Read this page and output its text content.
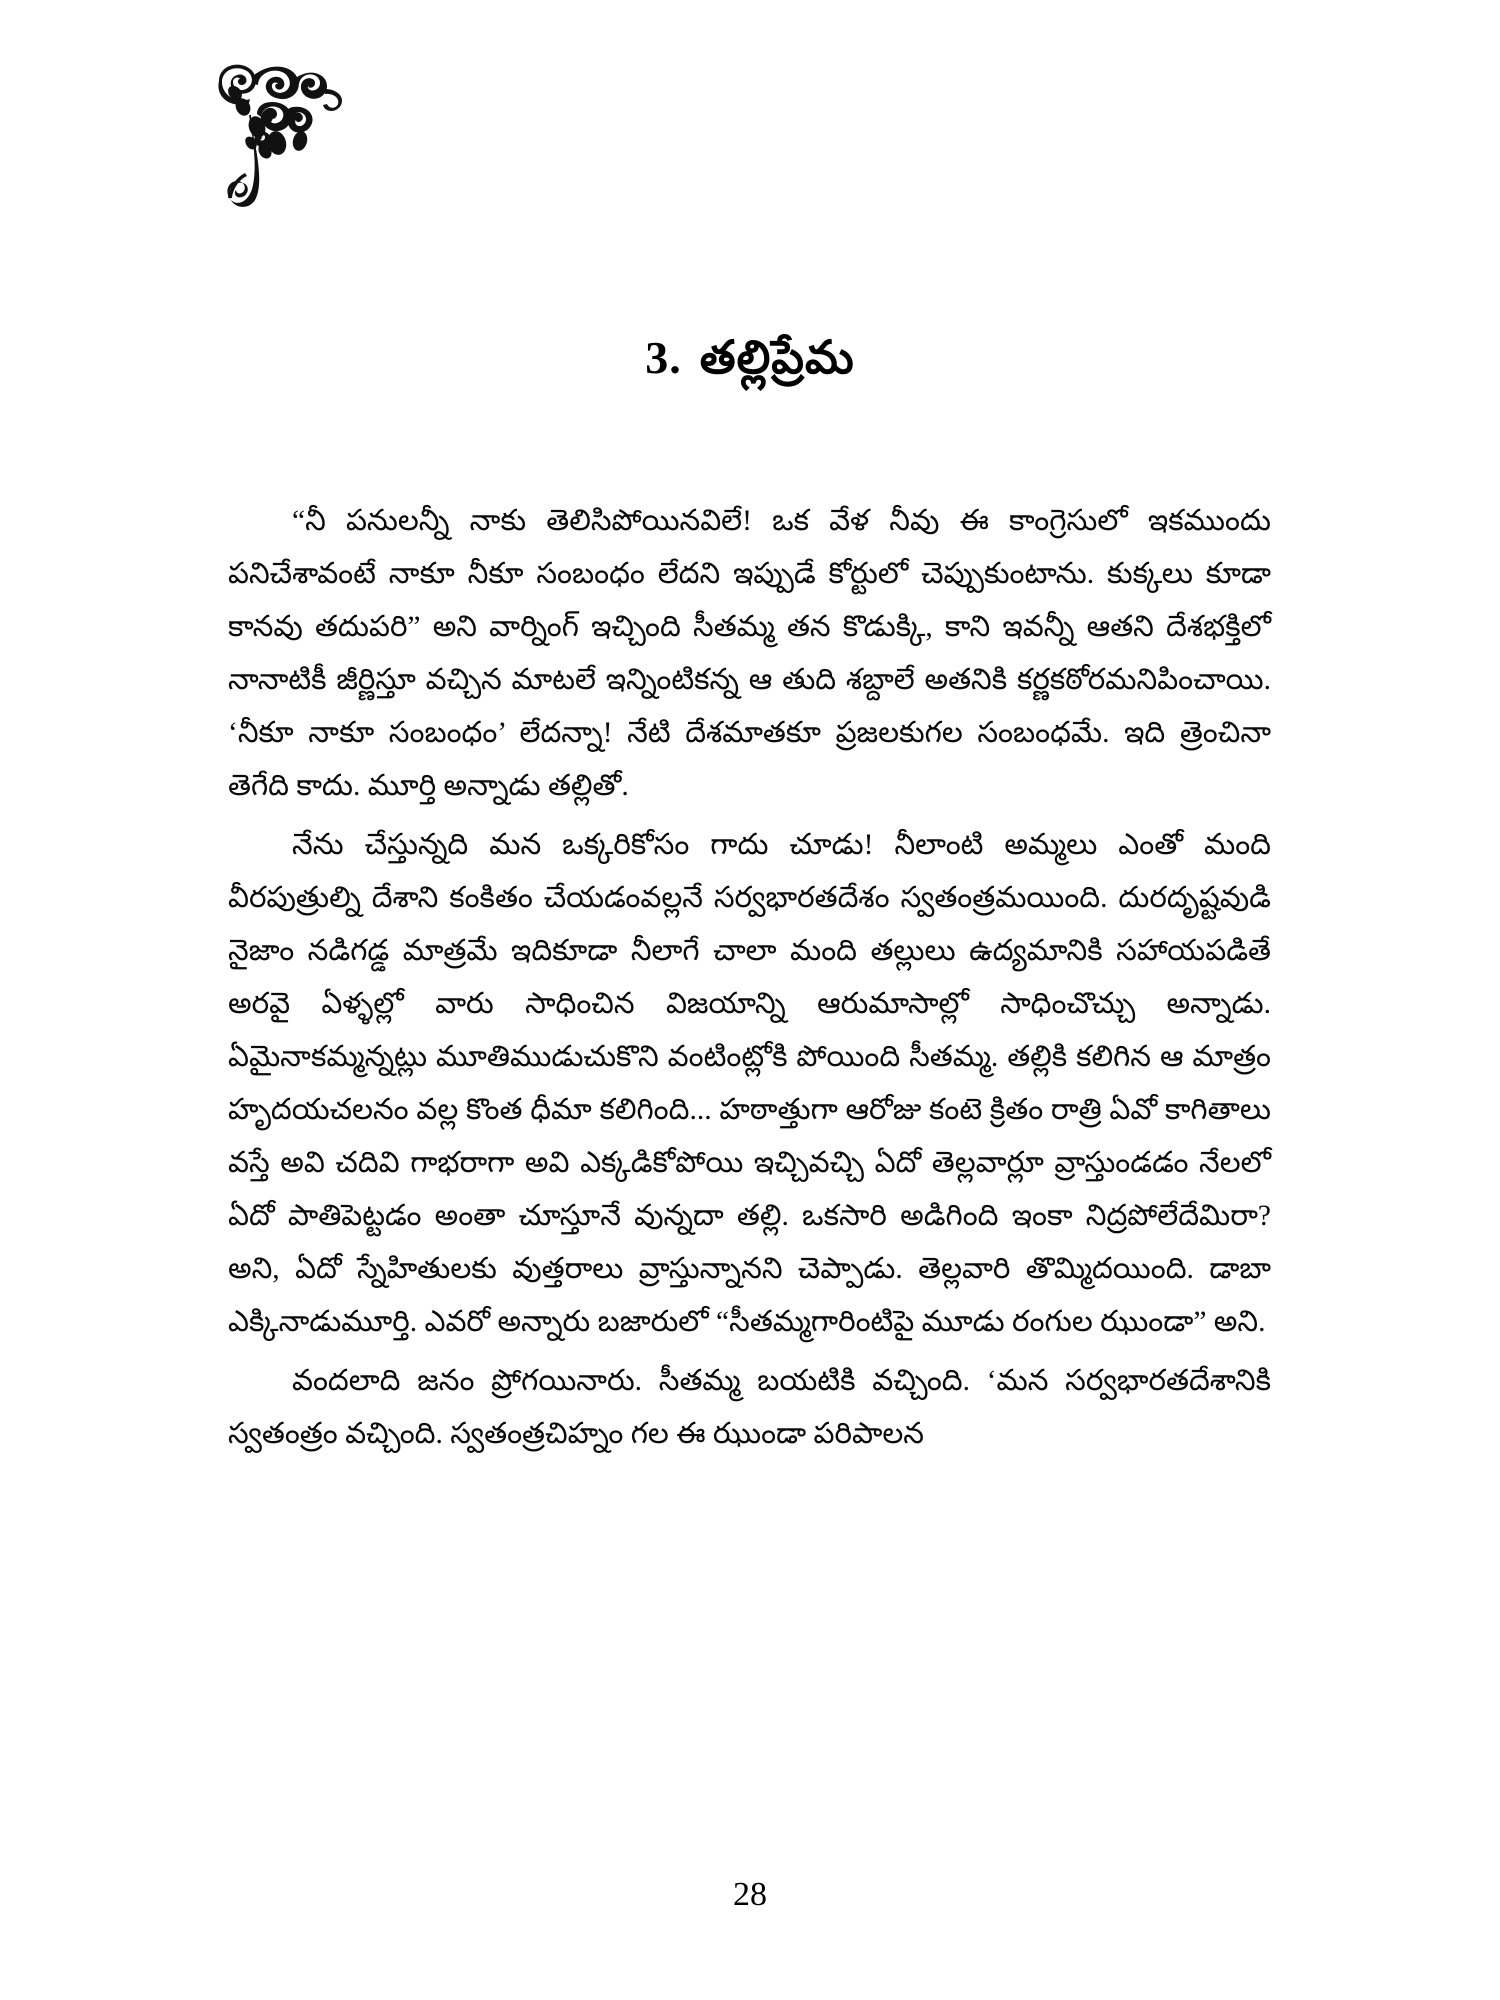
3. తల్లి‌ప్రేమ

“నీ పనులన్నీ నాకు తెలిసిపోయినవిలే! ఒక వేళ నీవు ఈ కాంగ్రెసులో ఇకముందు పనిచేశావంటే నాకూ నీకూ సంబంధం లేదని ఇప్పుడే కోర్టులో చెప్పుకుంటాను. కుక్కలు కూడా కానవు తదుపరి” అని వార్నింగ్ ఇచ్చింది సీతమ్మ తన కొడుక్కి, కాని ఇవన్నీ ఆతని దేశభక్తిలో నానాటికీ జీర్ణిస్తూ వచ్చిన మాటలే ఇన్నింటికన్న ఆ తుది శబ్దాలే అతనికి కర్ణకఠోరమనిపించాయి. ‘నీకూ నాకూ సంబంధం’ లేదన్నా! నేటి దేశమాతకూ ప్రజలకుగల సంబంధమే. ఇది త్రెంచినా తెగేది కాదు. మూర్తి అన్నాడు తల్లితో.

నేను చేస్తున్నది మన ఒక్కరికోసం గాదు చూడు! నీలాంటి అమ్మలు ఎంతో మంది వీరపుత్రుల్ని దేశాని కంకితం చేయడంవల్లనే సర్వభారతదేశం స్వతంత్రమయింది. దురదృష్టవుడి నైజాం నడిగడ్డ మాత్రమే ఇదికూడా నీలాగే చాలా మంది తల్లులు ఉద్యమానికి సహాయపడితే అరవై ఏళ్ళల్లో వారు సాధించిన విజయాన్ని ఆరుమాసాల్లో సాధించొచ్చు అన్నాడు. ఏమైనాకమ్మన్నట్లు మూతిముడుచుకొని వంటింట్లోకి పోయింది సీతమ్మ. తల్లికి కలిగిన ఆ మాత్రం హృదయచలనం వల్ల కొంత ధీమా కలిగింది... హఠాత్తుగా ఆరోజు కంటె క్రితం రాత్రి ఏవో కాగితాలు వస్తే అవి చదివి గాభరాగా అవి ఎక్కడికోపోయి ఇచ్చివచ్చి ఏదో తెల్లవార్లూ వ్రాస్తుండడం నేలలో ఏదో పాతిపెట్టడం అంతా చూస్తూనే వున్నదా తల్లి. ఒకసారి అడిగింది ఇంకా నిద్రపోలేదేమిరా? అని, ఏదో స్నేహితులకు వుత్తరాలు వ్రాస్తున్నానని చెప్పాడు. తెల్లవారి తొమ్మిదయింది. డాబా ఎక్కినాడుమూర్తి. ఎవరో అన్నారు బజారులో “సీతమ్మగారింటిపై మూడు రంగుల ఝుండా” అని.

వందలాది జనం ప్రోగయినారు. సీతమ్మ బయటికి వచ్చింది. ‘మన సర్వభారతదేశానికి స్వతంత్రం వచ్చింది. స్వతంత్రచిహ్నం గల ఈ ఝుండా పరిపాలన

28
